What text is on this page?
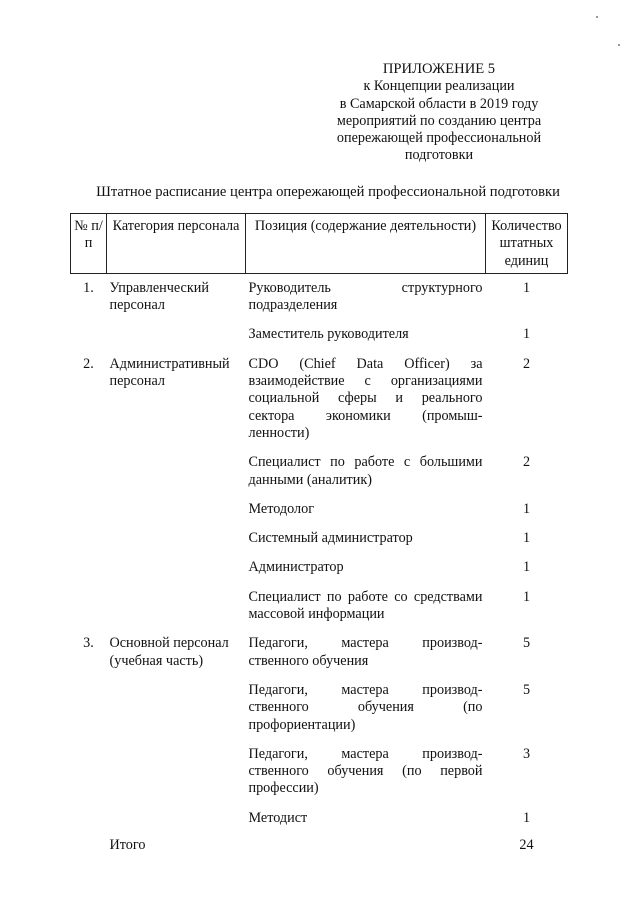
ПРИЛОЖЕНИЕ 5
к Концепции реализации
в Самарской области в 2019 году
мероприятий по созданию центра
опережающей профессиональной
подготовки
Штатное расписание центра опережающей профессиональной подготовки
№ п/п	Категория персонала	Позиция (содержание деятельности)	Количество штатных единиц
1.	Управленческий персонал	Руководитель структурного подразделения	1
		Заместитель руководителя	1
2.	Административный персонал	CDO (Chief Data Officer) за взаимодействие с организациями социальной сферы и реального сектора экономики (промыш-ленности)	2
		Специалист по работе с большими данными (аналитик)	2
		Методолог	1
		Системный администратор	1
		Администратор	1
		Специалист по работе со средствами массовой информации	1
3.	Основной персонал (учебная часть)	Педагоги, мастера производ-ственного обучения	5
		Педагоги, мастера производ-ственного обучения (по профориентации)	5
		Педагоги, мастера производ-ственного обучения (по первой профессии)	3
		Методист	1
	Итого		24
